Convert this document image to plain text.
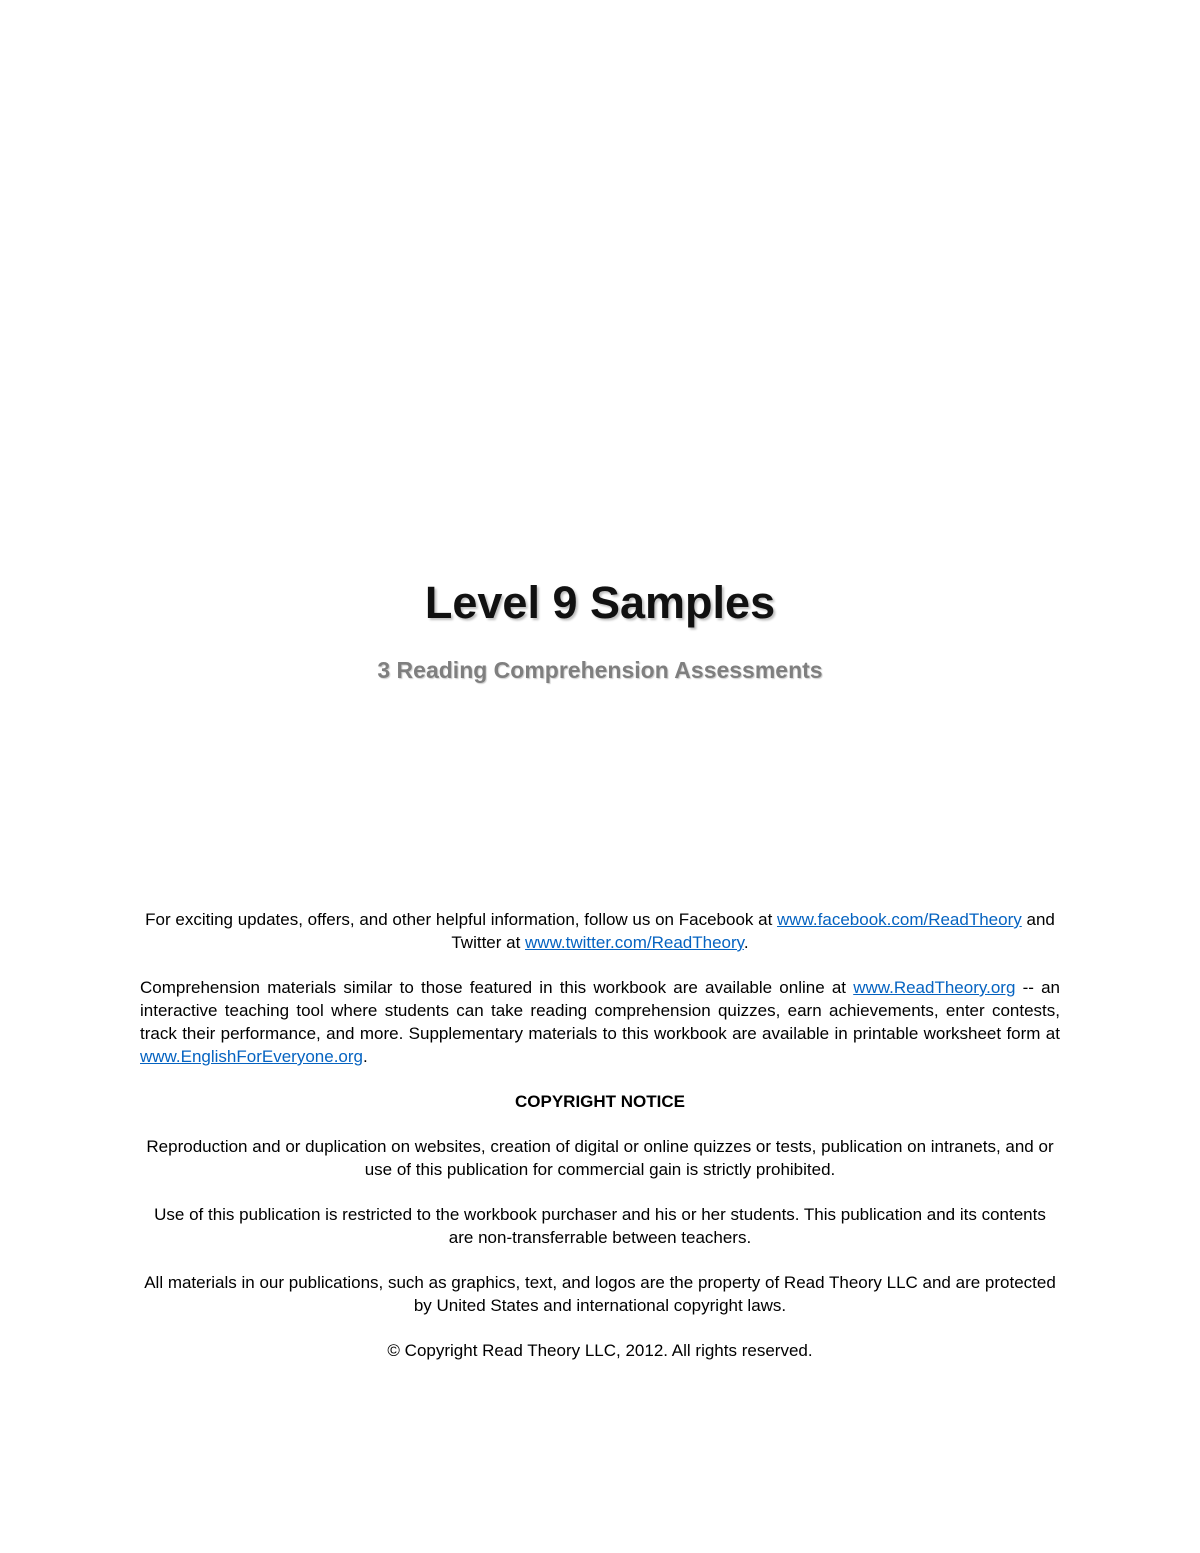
Level 9 Samples
3 Reading Comprehension Assessments

For exciting updates, offers, and other helpful information, follow us on Facebook at www.facebook.com/ReadTheory and Twitter at www.twitter.com/ReadTheory.

Comprehension materials similar to those featured in this workbook are available online at www.ReadTheory.org -- an interactive teaching tool where students can take reading comprehension quizzes, earn achievements, enter contests, track their performance, and more. Supplementary materials to this workbook are available in printable worksheet form at www.EnglishForEveryone.org.

COPYRIGHT NOTICE

Reproduction and or duplication on websites, creation of digital or online quizzes or tests, publication on intranets, and or use of this publication for commercial gain is strictly prohibited.

Use of this publication is restricted to the workbook purchaser and his or her students. This publication and its contents are non-transferrable between teachers.

All materials in our publications, such as graphics, text, and logos are the property of Read Theory LLC and are protected by United States and international copyright laws.

© Copyright Read Theory LLC, 2012. All rights reserved.
